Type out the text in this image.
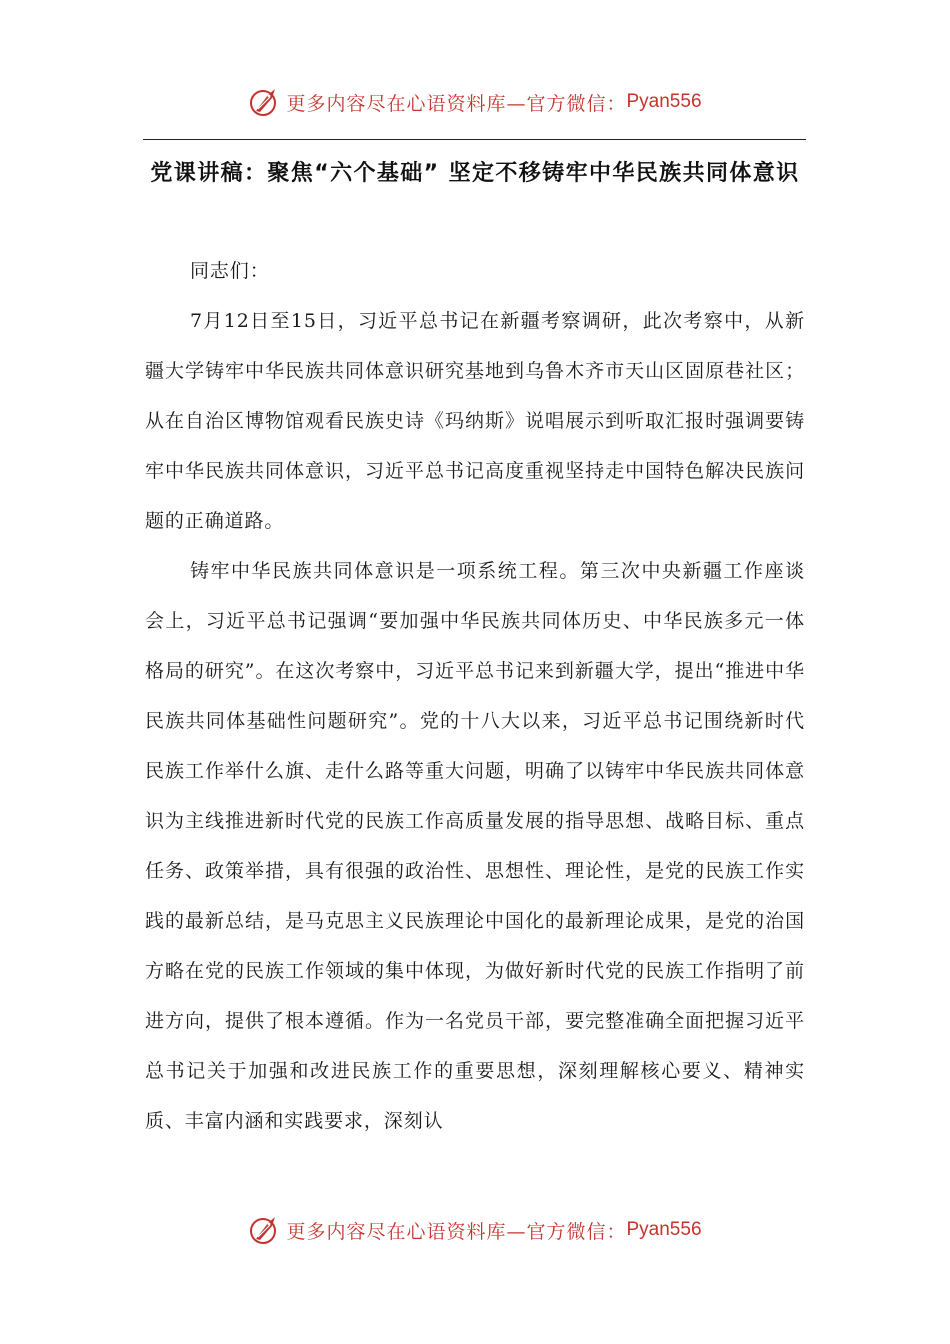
更多内容尽在心语资料库—官方微信： Pyan556
党课讲稿：聚焦“六个基础” 坚定不移铸牢中华民族共同体意识

同志们：

7月12日至15日，习近平总书记在新疆考察调研，此次考察中，从新疆大学铸牢中华民族共同体意识研究基地到乌鲁木齐市天山区固原巷社区；从在自治区博物馆观看民族史诗《玛纳斯》说唱展示到听取汇报时强调要铸牢中华民族共同体意识，习近平总书记高度重视坚持走中国特色解决民族问题的正确道路。

铸牢中华民族共同体意识是一项系统工程。第三次中央新疆工作座谈会上，习近平总书记强调“要加强中华民族共同体历史、中华民族多元一体格局的研究”。在这次考察中，习近平总书记来到新疆大学，提出“推进中华民族共同体基础性问题研究”。党的十八大以来，习近平总书记围绕新时代民族工作举什么旗、走什么路等重大问题，明确了以铸牢中华民族共同体意识为主线推进新时代党的民族工作高质量发展的指导思想、战略目标、重点任务、政策举措，具有很强的政治性、思想性、理论性，是党的民族工作实践的最新总结，是马克思主义民族理论中国化的最新理论成果，是党的治国方略在党的民族工作领域的集中体现，为做好新时代党的民族工作指明了前进方向，提供了根本遵循。作为一名党员干部，要完整准确全面把握习近平总书记关于加强和改进民族工作的重要思想，深刻理解核心要义、精神实质、丰富内涵和实践要求，深刻认

更多内容尽在心语资料库—官方微信： Pyan556
